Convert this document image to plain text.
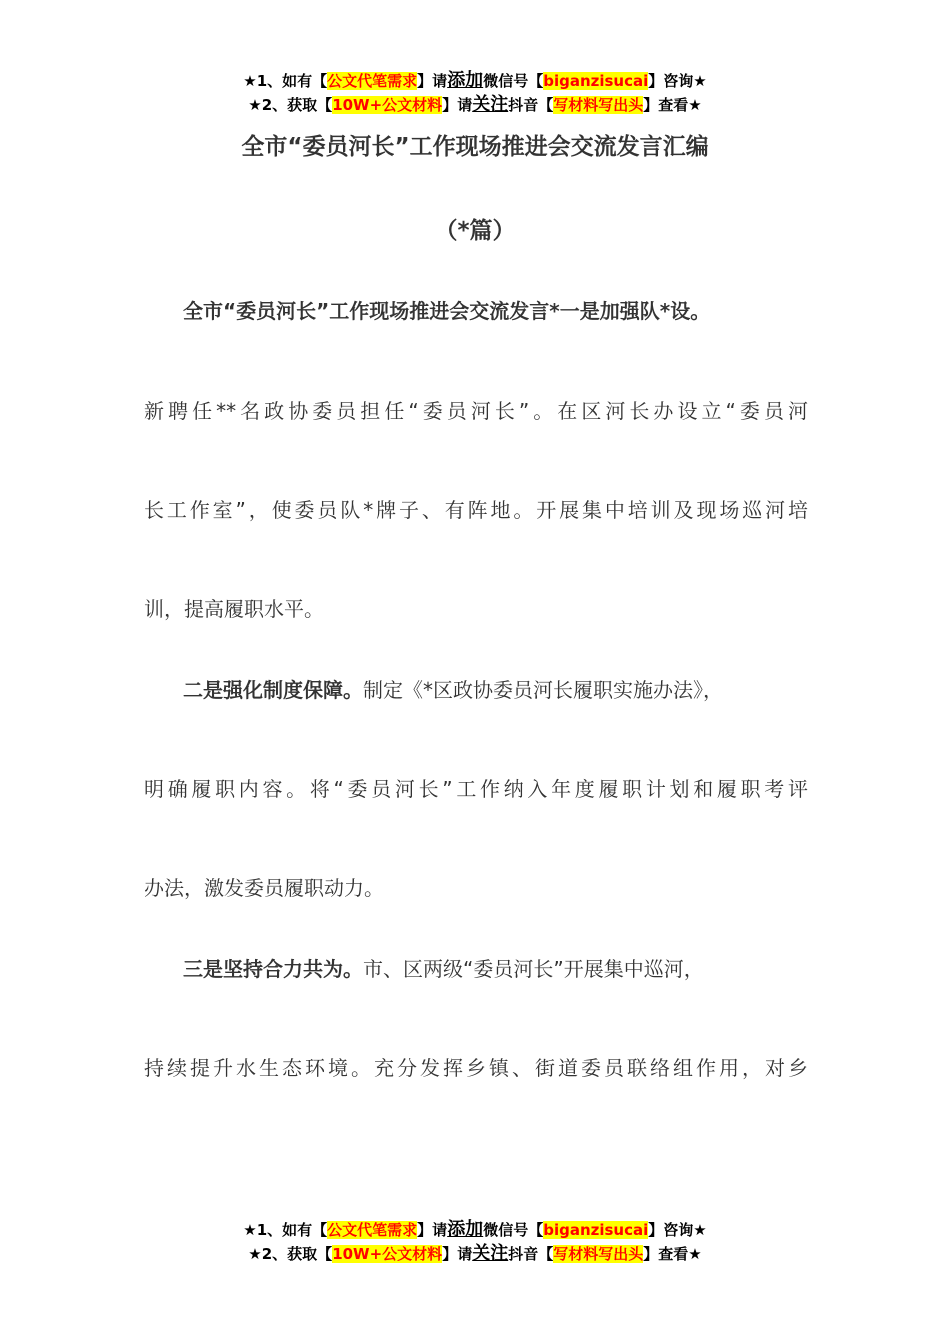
★1、如有【公文代笔需求】请添加微信号【biganzisucai】咨询★
★2、获取【10W+公文材料】请关注抖音【写材料写出头】查看★
全市“委员河长”工作现场推进会交流发言汇编
（*篇）
全市“委员河长”工作现场推进会交流发言*一是加强队*设。
新聘任**名政协委员担任“委员河长”。在区河长办设立“委员河
长工作室”，使委员队*牌子、有阵地。开展集中培训及现场巡河培
训，提高履职水平。
二是强化制度保障。制定《*区政协委员河长履职实施办法》，
明确履职内容。将“委员河长”工作纳入年度履职计划和履职考评
办法，激发委员履职动力。
三是坚持合力共为。市、区两级“委员河长”开展集中巡河，
持续提升水生态环境。充分发挥乡镇、街道委员联络组作用，对乡
★1、如有【公文代笔需求】请添加微信号【biganzisucai】咨询★
★2、获取【10W+公文材料】请关注抖音【写材料写出头】查看★
